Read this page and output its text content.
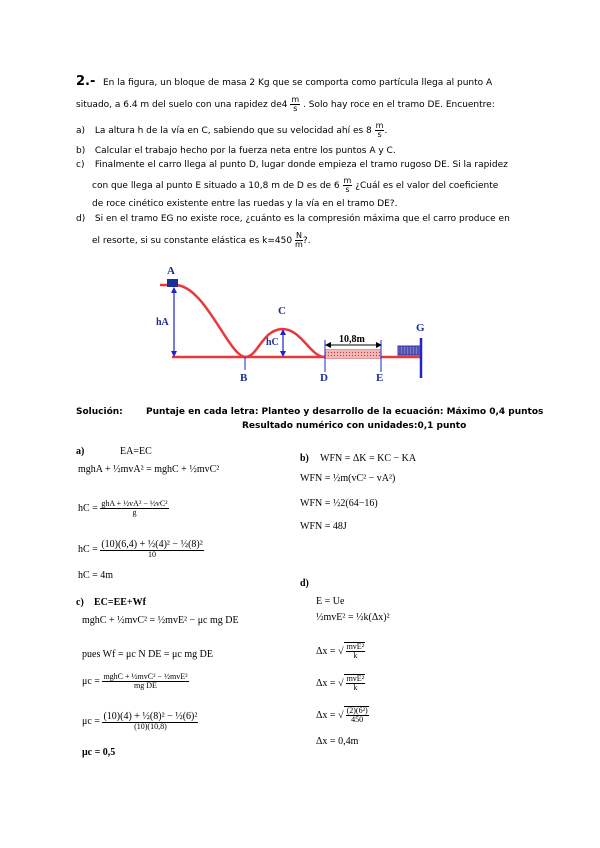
2.- En la figura, un bloque de masa 2 Kg que se comporta como partícula llega al punto A
situado, a 6.4 m del suelo con una rapidez $de4 \frac{m}{s}$ . Solo hay roce en el tramo DE. Encuentre:
a) La altura h de la vía en C, sabiendo que su velocidad ahí es $8 \frac{m}{s}$ .
b) Calcular el trabajo hecho por la fuerza neta entre los puntos A y C.
c) Finalmente el carro llega al punto D, lugar donde empieza el tramo rugoso DE. Si la rapidez
con que llega al punto E situado a 10,8 m de D es de $6 \frac{m}{s}$ ¿Cuál es el valor del coeficiente
de roce cinético existente entre las ruedas y la vía en el tramo DE?.
d) Si en el tramo EG no existe roce, ¿cuánto es la compresión máxima que el carro produce en
el resorte, si su constante elástica es $k=450 \frac{N}{m}$ ?.
A
B
C
D	E
G
hA
hC	10,8m
Solución:	Puntaje en cada letra: Planteo y desarrollo de la ecuación: Máximo 0,4 puntos
Resultado numérico con unidades:0,1 punto
a)	EA=EC
mghA + ½mvA² = mghC + ½mvC²
hC = $\frac{\text{ghA + ½vA² − ½vC²}}{g}$
hC = $\frac{\text{(10)(6,4) + ½(4)² − ½(8)²}}{10}$
hC = 4m
b) WFN = ΔK = KC − KA
WFN = ½m(vC² − vA²)
WFN = ½2(64−16)
WFN = 48J
c) EC=EE+Wf
mghC + ½mvC² = ½mvE² − μc mg DE
pues Wf = μc N DE = μc mg DE
$\mu c = \frac{\text{mghC + ½mvC² − ½mvE²}}{\text{mg DE}}$
$\mu c = \frac{\text{(10)(4) + ½(8)² − ½(6)²}}{(10)(10,8)}$
μc = 0,5
d)
E = Ue
½mvE² = ½k(Δx)²
Δx = √ $\frac{\text{mvE²}}{k}$
Δx = √ $\frac{\text{mvE²}}{k}$
Δx = √ $\frac{\text{(2)(6²)}}{450}$
Δx = 0,4m
